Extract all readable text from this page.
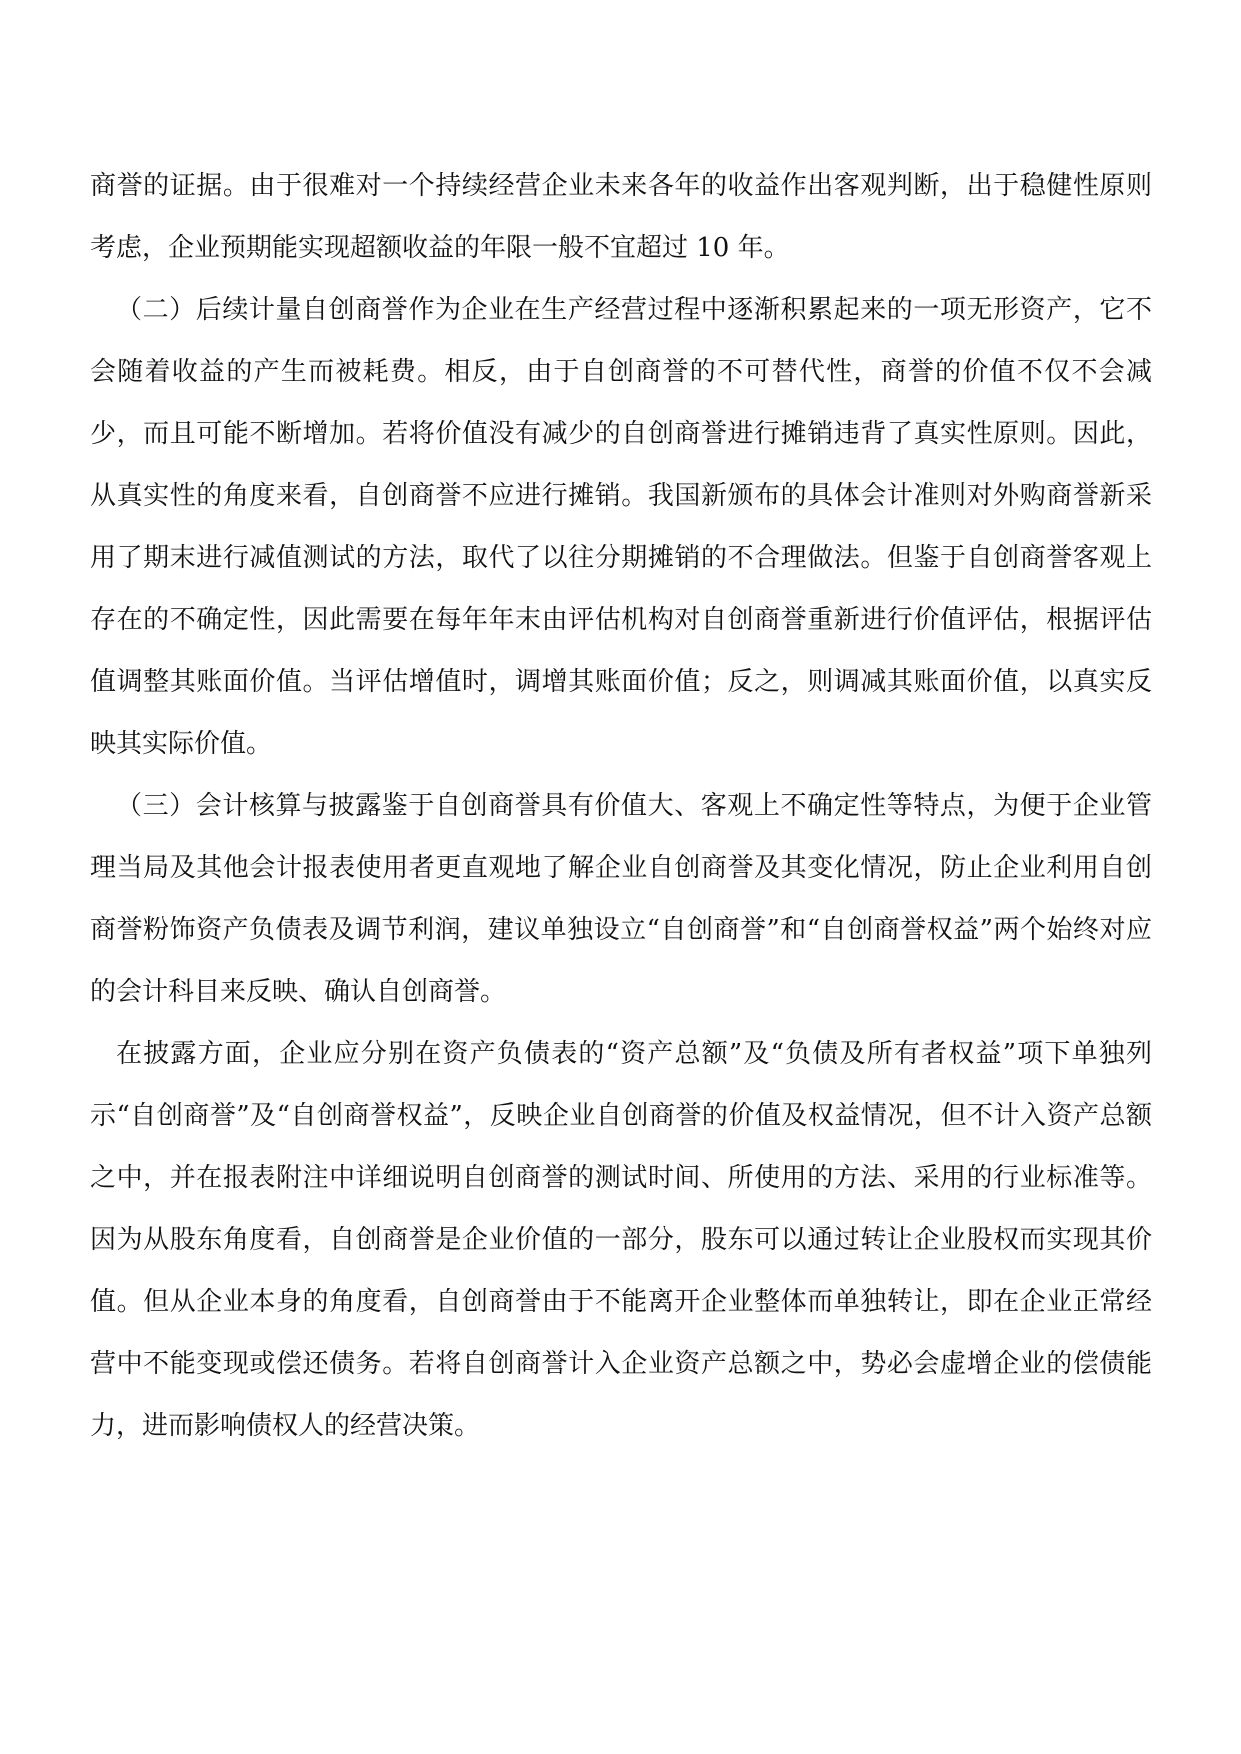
商誉的证据。由于很难对一个持续经营企业未来各年的收益作出客观判断，出于稳健性原则考虑，企业预期能实现超额收益的年限一般不宜超过 10 年。

（二）后续计量自创商誉作为企业在生产经营过程中逐渐积累起来的一项无形资产，它不会随着收益的产生而被耗费。相反，由于自创商誉的不可替代性，商誉的价值不仅不会减少，而且可能不断增加。若将价值没有减少的自创商誉进行摊销违背了真实性原则。因此，从真实性的角度来看，自创商誉不应进行摊销。我国新颁布的具体会计准则对外购商誉新采用了期末进行减值测试的方法，取代了以往分期摊销的不合理做法。但鉴于自创商誉客观上存在的不确定性，因此需要在每年年末由评估机构对自创商誉重新进行价值评估，根据评估值调整其账面价值。当评估增值时，调增其账面价值；反之，则调减其账面价值，以真实反映其实际价值。

（三）会计核算与披露鉴于自创商誉具有价值大、客观上不确定性等特点，为便于企业管理当局及其他会计报表使用者更直观地了解企业自创商誉及其变化情况，防止企业利用自创商誉粉饰资产负债表及调节利润，建议单独设立“自创商誉”和“自创商誉权益”两个始终对应的会计科目来反映、确认自创商誉。

在披露方面，企业应分别在资产负债表的“资产总额”及“负债及所有者权益”项下单独列示“自创商誉”及“自创商誉权益”，反映企业自创商誉的价值及权益情况，但不计入资产总额之中，并在报表附注中详细说明自创商誉的测试时间、所使用的方法、采用的行业标准等。因为从股东角度看，自创商誉是企业价值的一部分，股东可以通过转让企业股权而实现其价值。但从企业本身的角度看，自创商誉由于不能离开企业整体而单独转让，即在企业正常经营中不能变现或偿还债务。若将自创商誉计入企业资产总额之中，势必会虚增企业的偿债能力，进而影响债权人的经营决策。
